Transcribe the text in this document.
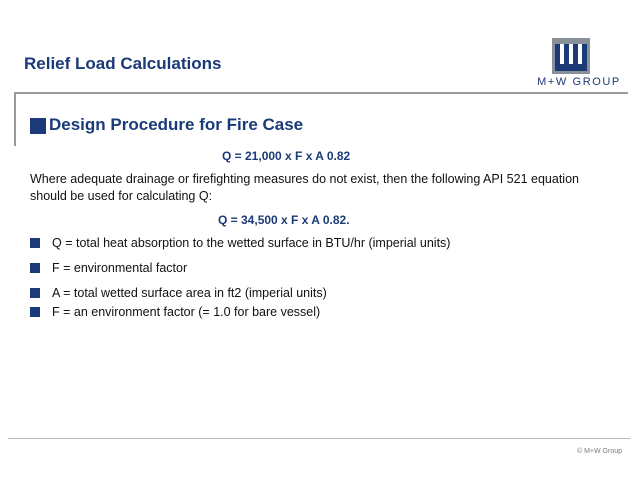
Relief Load Calculations
M+W GROUP
Design Procedure for Fire Case
Q = 21,000 x F x A 0.82
Where adequate drainage or firefighting measures do not exist, then the following API 521 equation should be used for calculating Q:
Q = 34,500 x F x A 0.82.
Q = total heat absorption to the wetted surface in BTU/hr (imperial units)
F = environmental factor
A = total wetted surface area in ft2 (imperial units)
F = an environment factor (= 1.0 for bare vessel)
© M+W Group
